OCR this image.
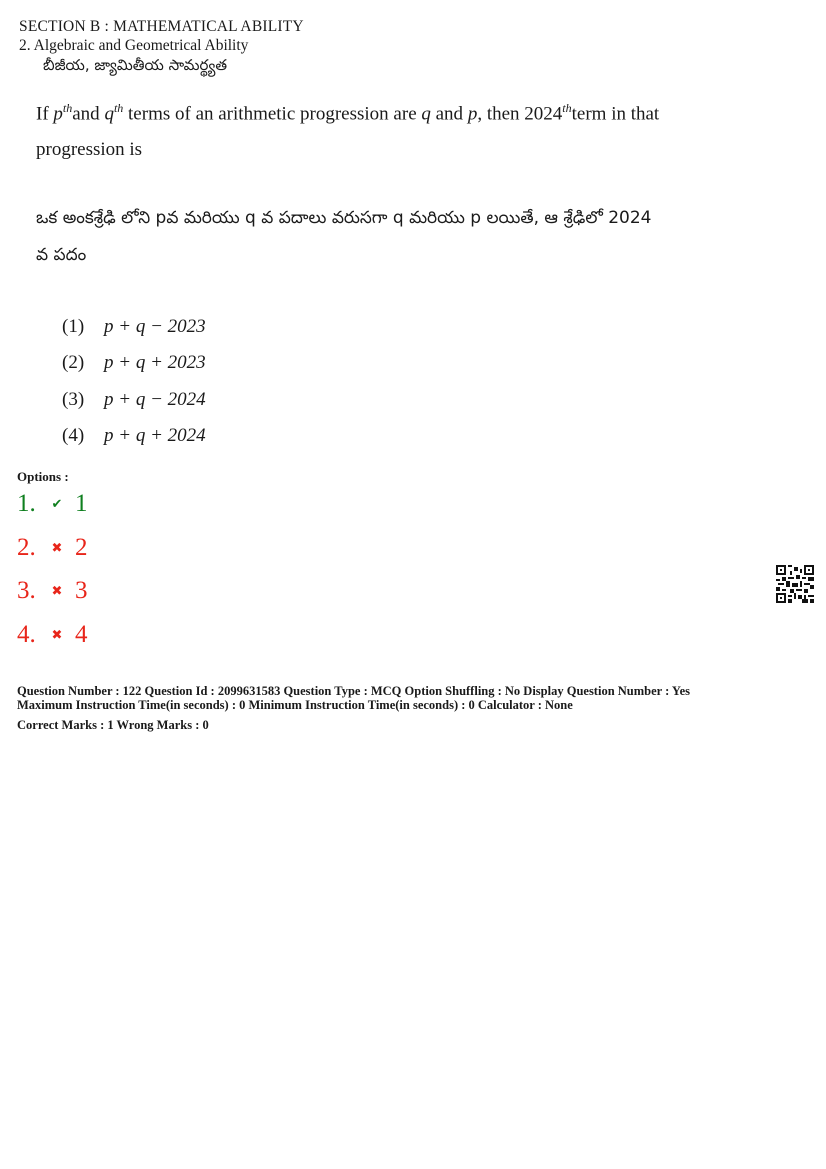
SECTION B : MATHEMATICAL ABILITY
2. Algebraic and Geometrical Ability
బీజీయ, జ్యామితీయ సామర్థ్యత
If $p^{th}and$ $q^{th}$ terms of an arithmetic progression are q and p, then 2024thterm in that
progression is
ఒక అంకశ్రేఢి లోని pవ మరియు q వ పదాలు వరుసగా q మరియు p లయితే, ఆ శ్రేఢిలో 2024
వ పదం
(1) p + q − 2023
(2) p + q + 2023
(3) p + q − 2024
(4) p + q + 2024
Options :
1.	✔ 1
2.	✖ 2
3.	✖ 3
4.	✖ 4
Question Number : 122 Question Id : 2099631583 Question Type : MCQ Option Shuffling : No Display Question Number : Yes
Maximum Instruction Time(in seconds) : 0 Minimum Instruction Time(in seconds) : 0 Calculator : None
Correct Marks : 1 Wrong Marks : 0
